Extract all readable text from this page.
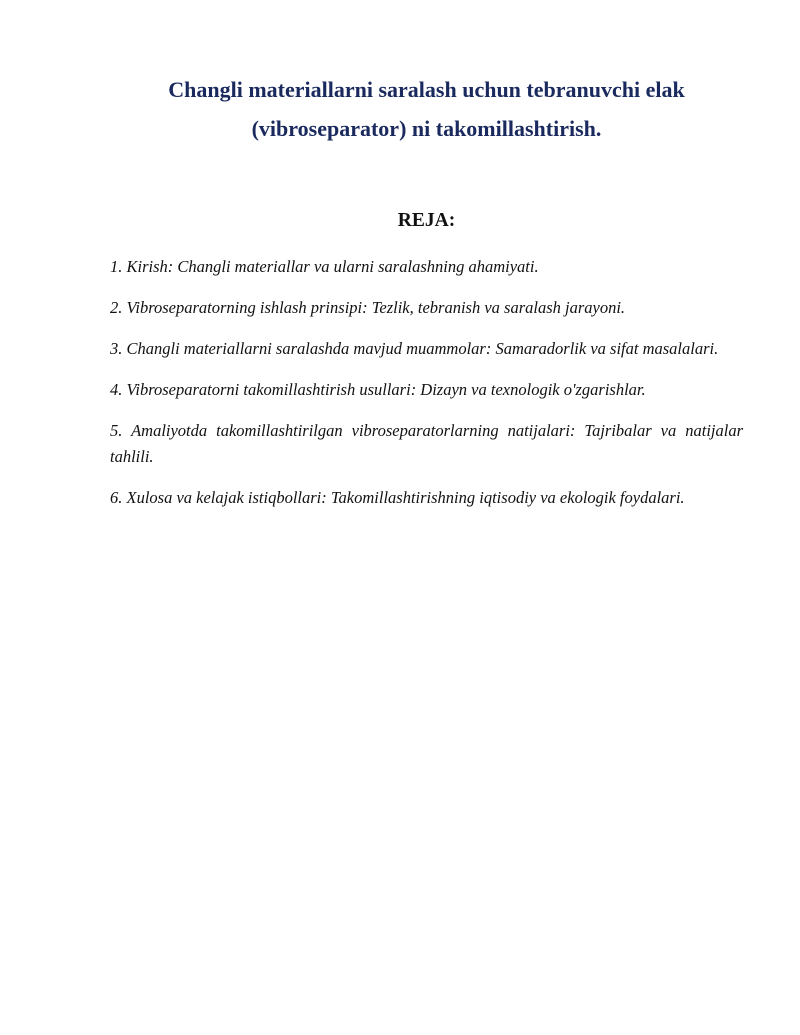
Changli materiallarni saralash uchun tebranuvchi elak
(vibroseparator) ni takomillashtirish.
REJA:
1. Kirish: Changli materiallar va ularni saralashning ahamiyati.
2. Vibroseparatorning ishlash prinsipi: Tezlik, tebranish va saralash jarayoni.
3. Changli materiallarni saralashda mavjud muammolar: Samaradorlik va sifat masalalari.
4. Vibroseparatorni takomillashtirish usullari: Dizayn va texnologik o'zgarishlar.
5. Amaliyotda takomillashtirilgan vibroseparatorlarning natijalari: Tajribalar va natijalar tahlili.
6. Xulosa va kelajak istiqbollari: Takomillashtirishning iqtisodiy va ekologik foydalari.
